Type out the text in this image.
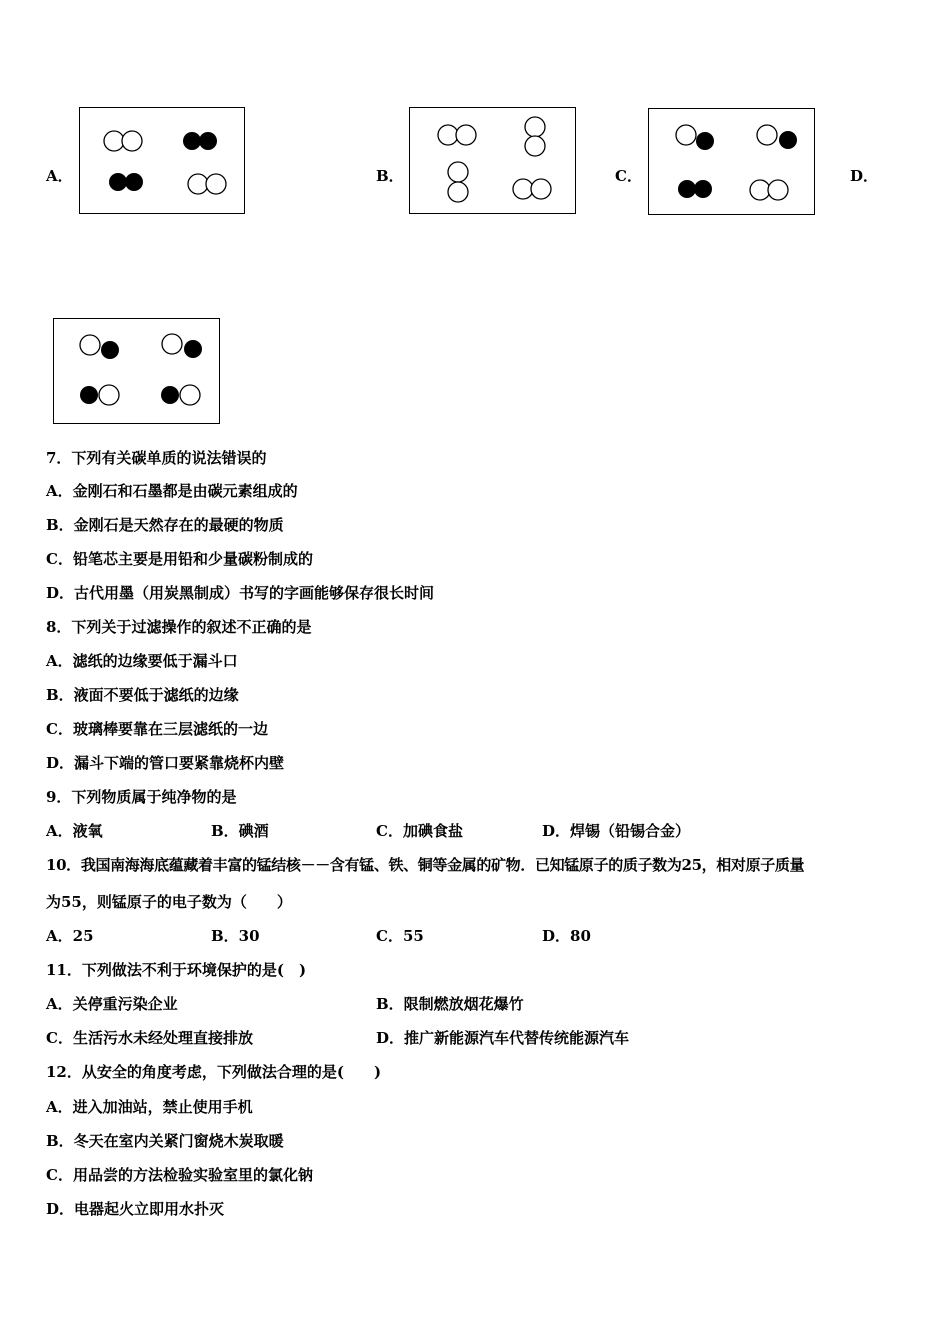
A．	B．	C．	D．
7．下列有关碳单质的说法错误的
A．金刚石和石墨都是由碳元素组成的
B．金刚石是天然存在的最硬的物质
C．铅笔芯主要是用铅和少量碳粉制成的
D．古代用墨（用炭黑制成）书写的字画能够保存很长时间
8．下列关于过滤操作的叙述不正确的是
A．滤纸的边缘要低于漏斗口
B．液面不要低于滤纸的边缘
C．玻璃棒要靠在三层滤纸的一边
D．漏斗下端的管口要紧靠烧杯内壁
9．下列物质属于纯净物的是
A．液氧	B．碘酒	C．加碘食盐	D．焊锡（铅锡合金）
10．我国南海海底蕴藏着丰富的锰结核－－含有锰、铁、铜等金属的矿物．已知锰原子的质子数为25，相对原子质量
为55，则锰原子的电子数为（　　）
A．25	B．30	C．55	D．80
11．下列做法不利于环境保护的是(　)
A．关停重污染企业	B．限制燃放烟花爆竹
C．生活污水未经处理直接排放	D．推广新能源汽车代替传统能源汽车
12．从安全的角度考虑，下列做法合理的是(　　)
A．进入加油站，禁止使用手机
B．冬天在室内关紧门窗烧木炭取暖
C．用品尝的方法检验实验室里的氯化钠
D．电器起火立即用水扑灭
